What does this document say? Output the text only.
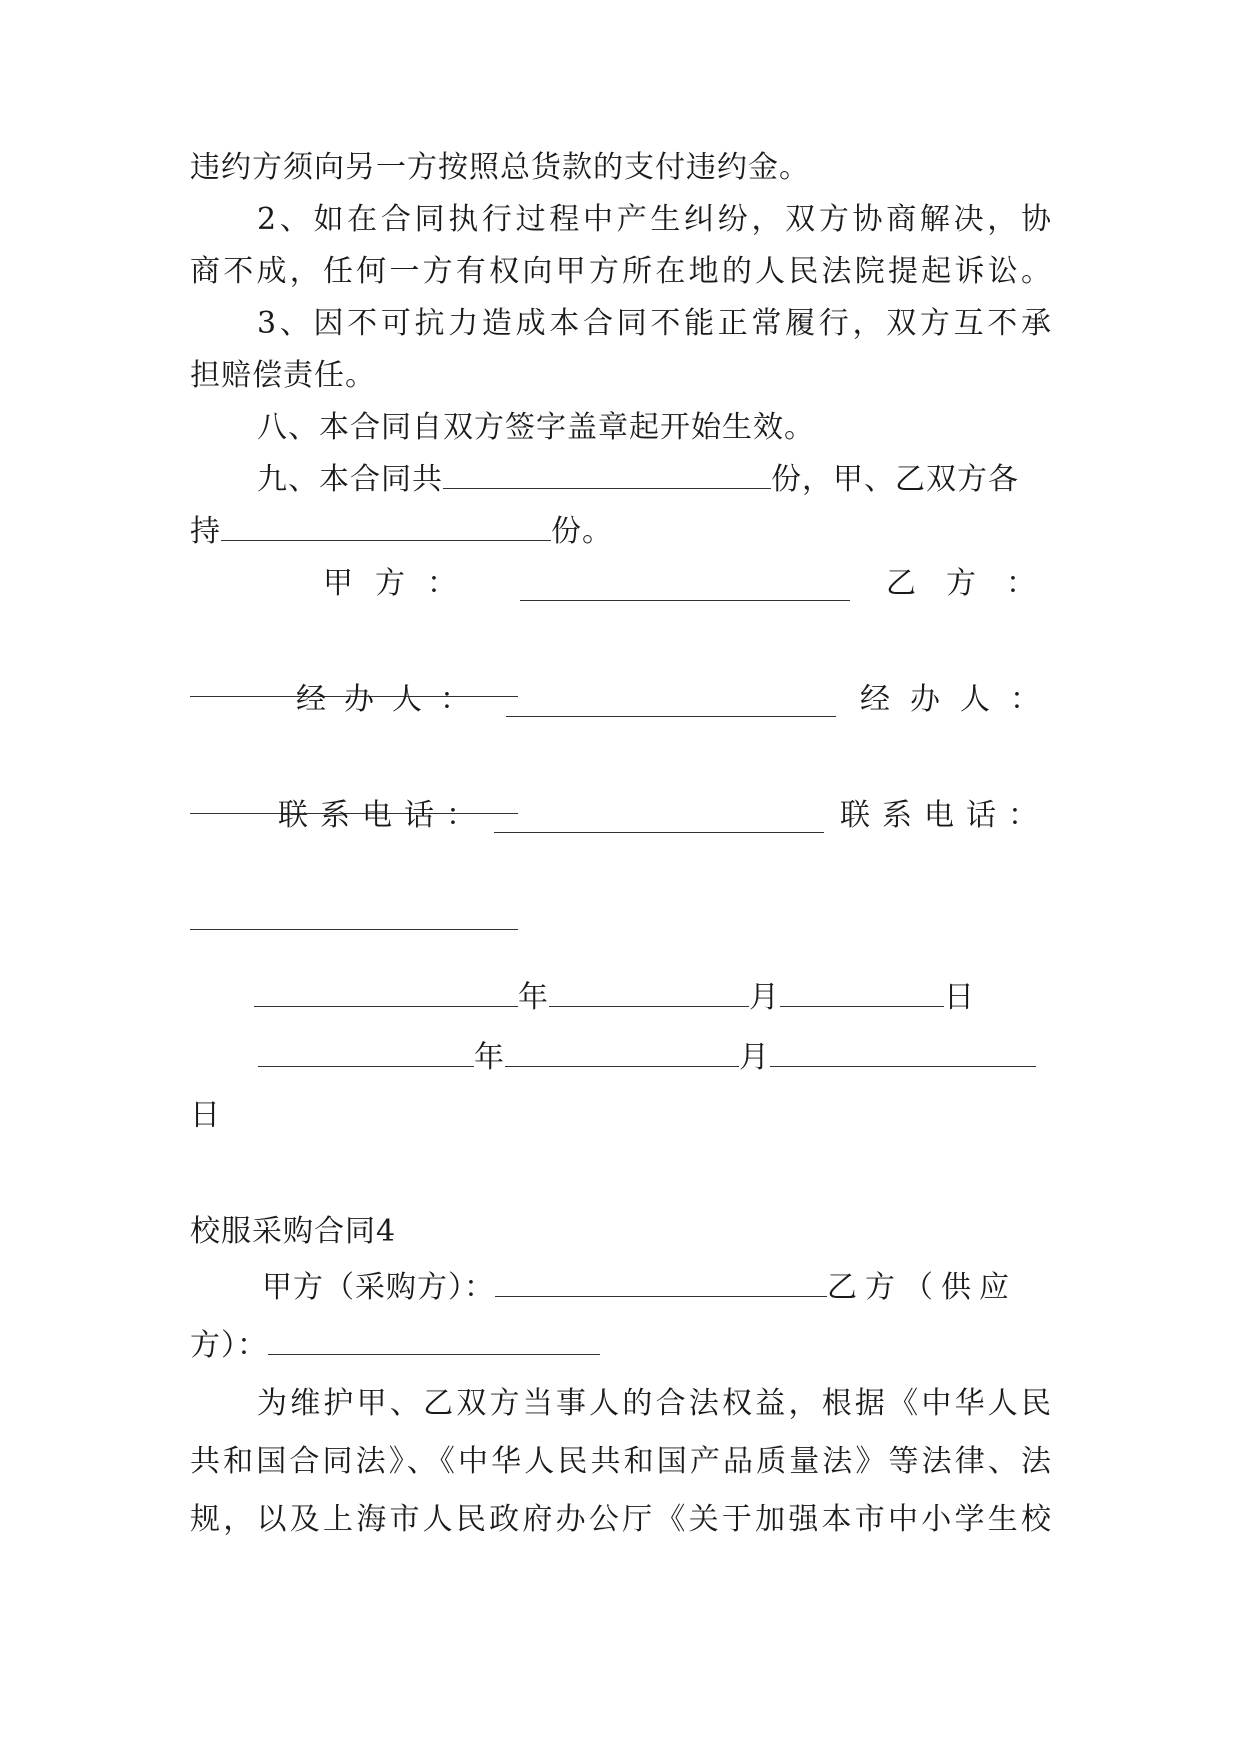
违约方须向另一方按照总货款的支付违约金。
2、如在合同执行过程中产生纠纷，双方协商解决，协
商不成，任何一方有权向甲方所在地的人民法院提起诉讼。
3、因不可抗力造成本合同不能正常履行，双方互不承
担赔偿责任。
八、本合同自双方签字盖章起开始生效。
九、本合同共	份，甲、乙双方各
持	份。
甲方：	乙方：
经办人：	经办人：
联系电话：	联系电话：
年	月	日
年	月
日
校服采购合同4
甲方（采购方）：	乙方（供应
方）：
为维护甲、乙双方当事人的合法权益，根据《中华人民
共和国合同法》、《中华人民共和国产品质量法》等法律、法
规，以及上海市人民政府办公厅《关于加强本市中小学生校
